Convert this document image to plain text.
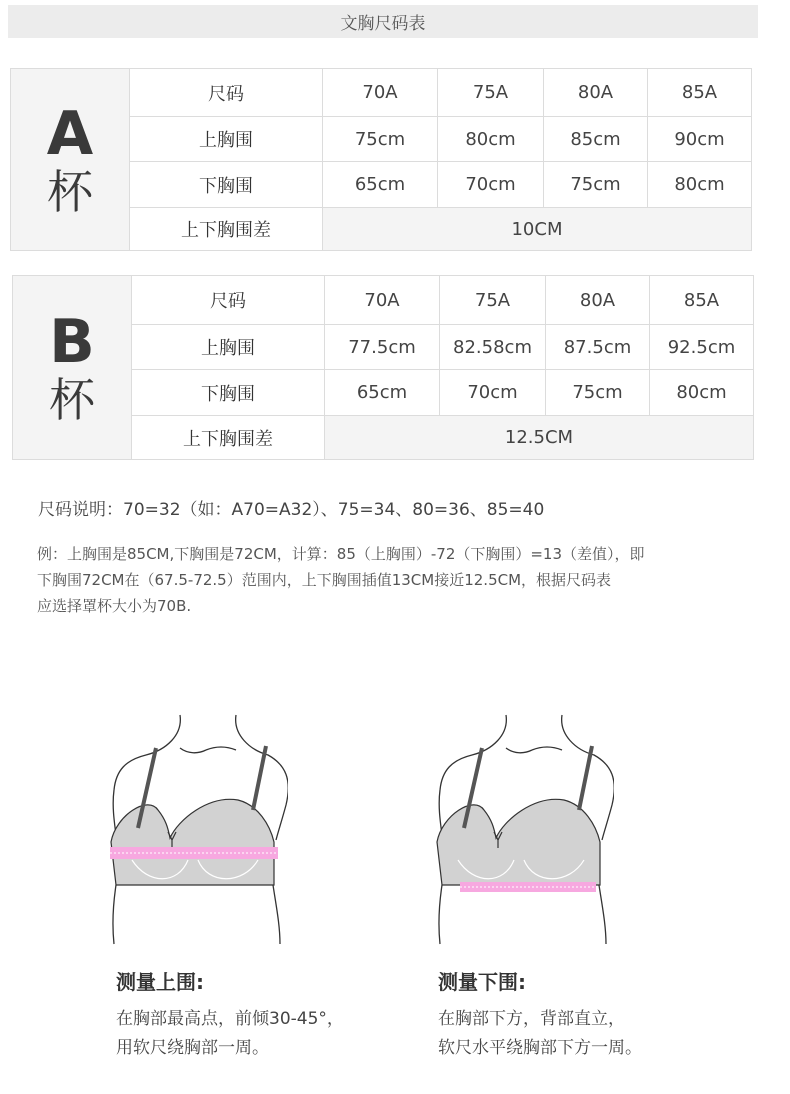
文胸尺码表
A
杯	尺码	70A	75A	80A	85A
	上胸围	75cm	80cm	85cm	90cm
	下胸围	65cm	70cm	75cm	80cm
	上下胸围差	10CM			
B
杯	尺码	70A	75A	80A	85A
	上胸围	77.5cm	82.58cm	87.5cm	92.5cm
	下胸围	65cm	70cm	75cm	80cm
	上下胸围差	12.5CM			
尺码说明：70=32（如：A70=A32）、75=34、80=36、85=40
例：上胸围是85CM,下胸围是72CM，计算：85（上胸围）-72（下胸围）=13（差值），即
下胸围72CM在（67.5-72.5）范围内，上下胸围插值13CM接近12.5CM，根据尺码表
应选择罩杯大小为70B.
测量上围:
在胸部最高点，前倾30-45°，
用软尺绕胸部一周。
测量下围:
在胸部下方，背部直立，
软尺水平绕胸部下方一周。
